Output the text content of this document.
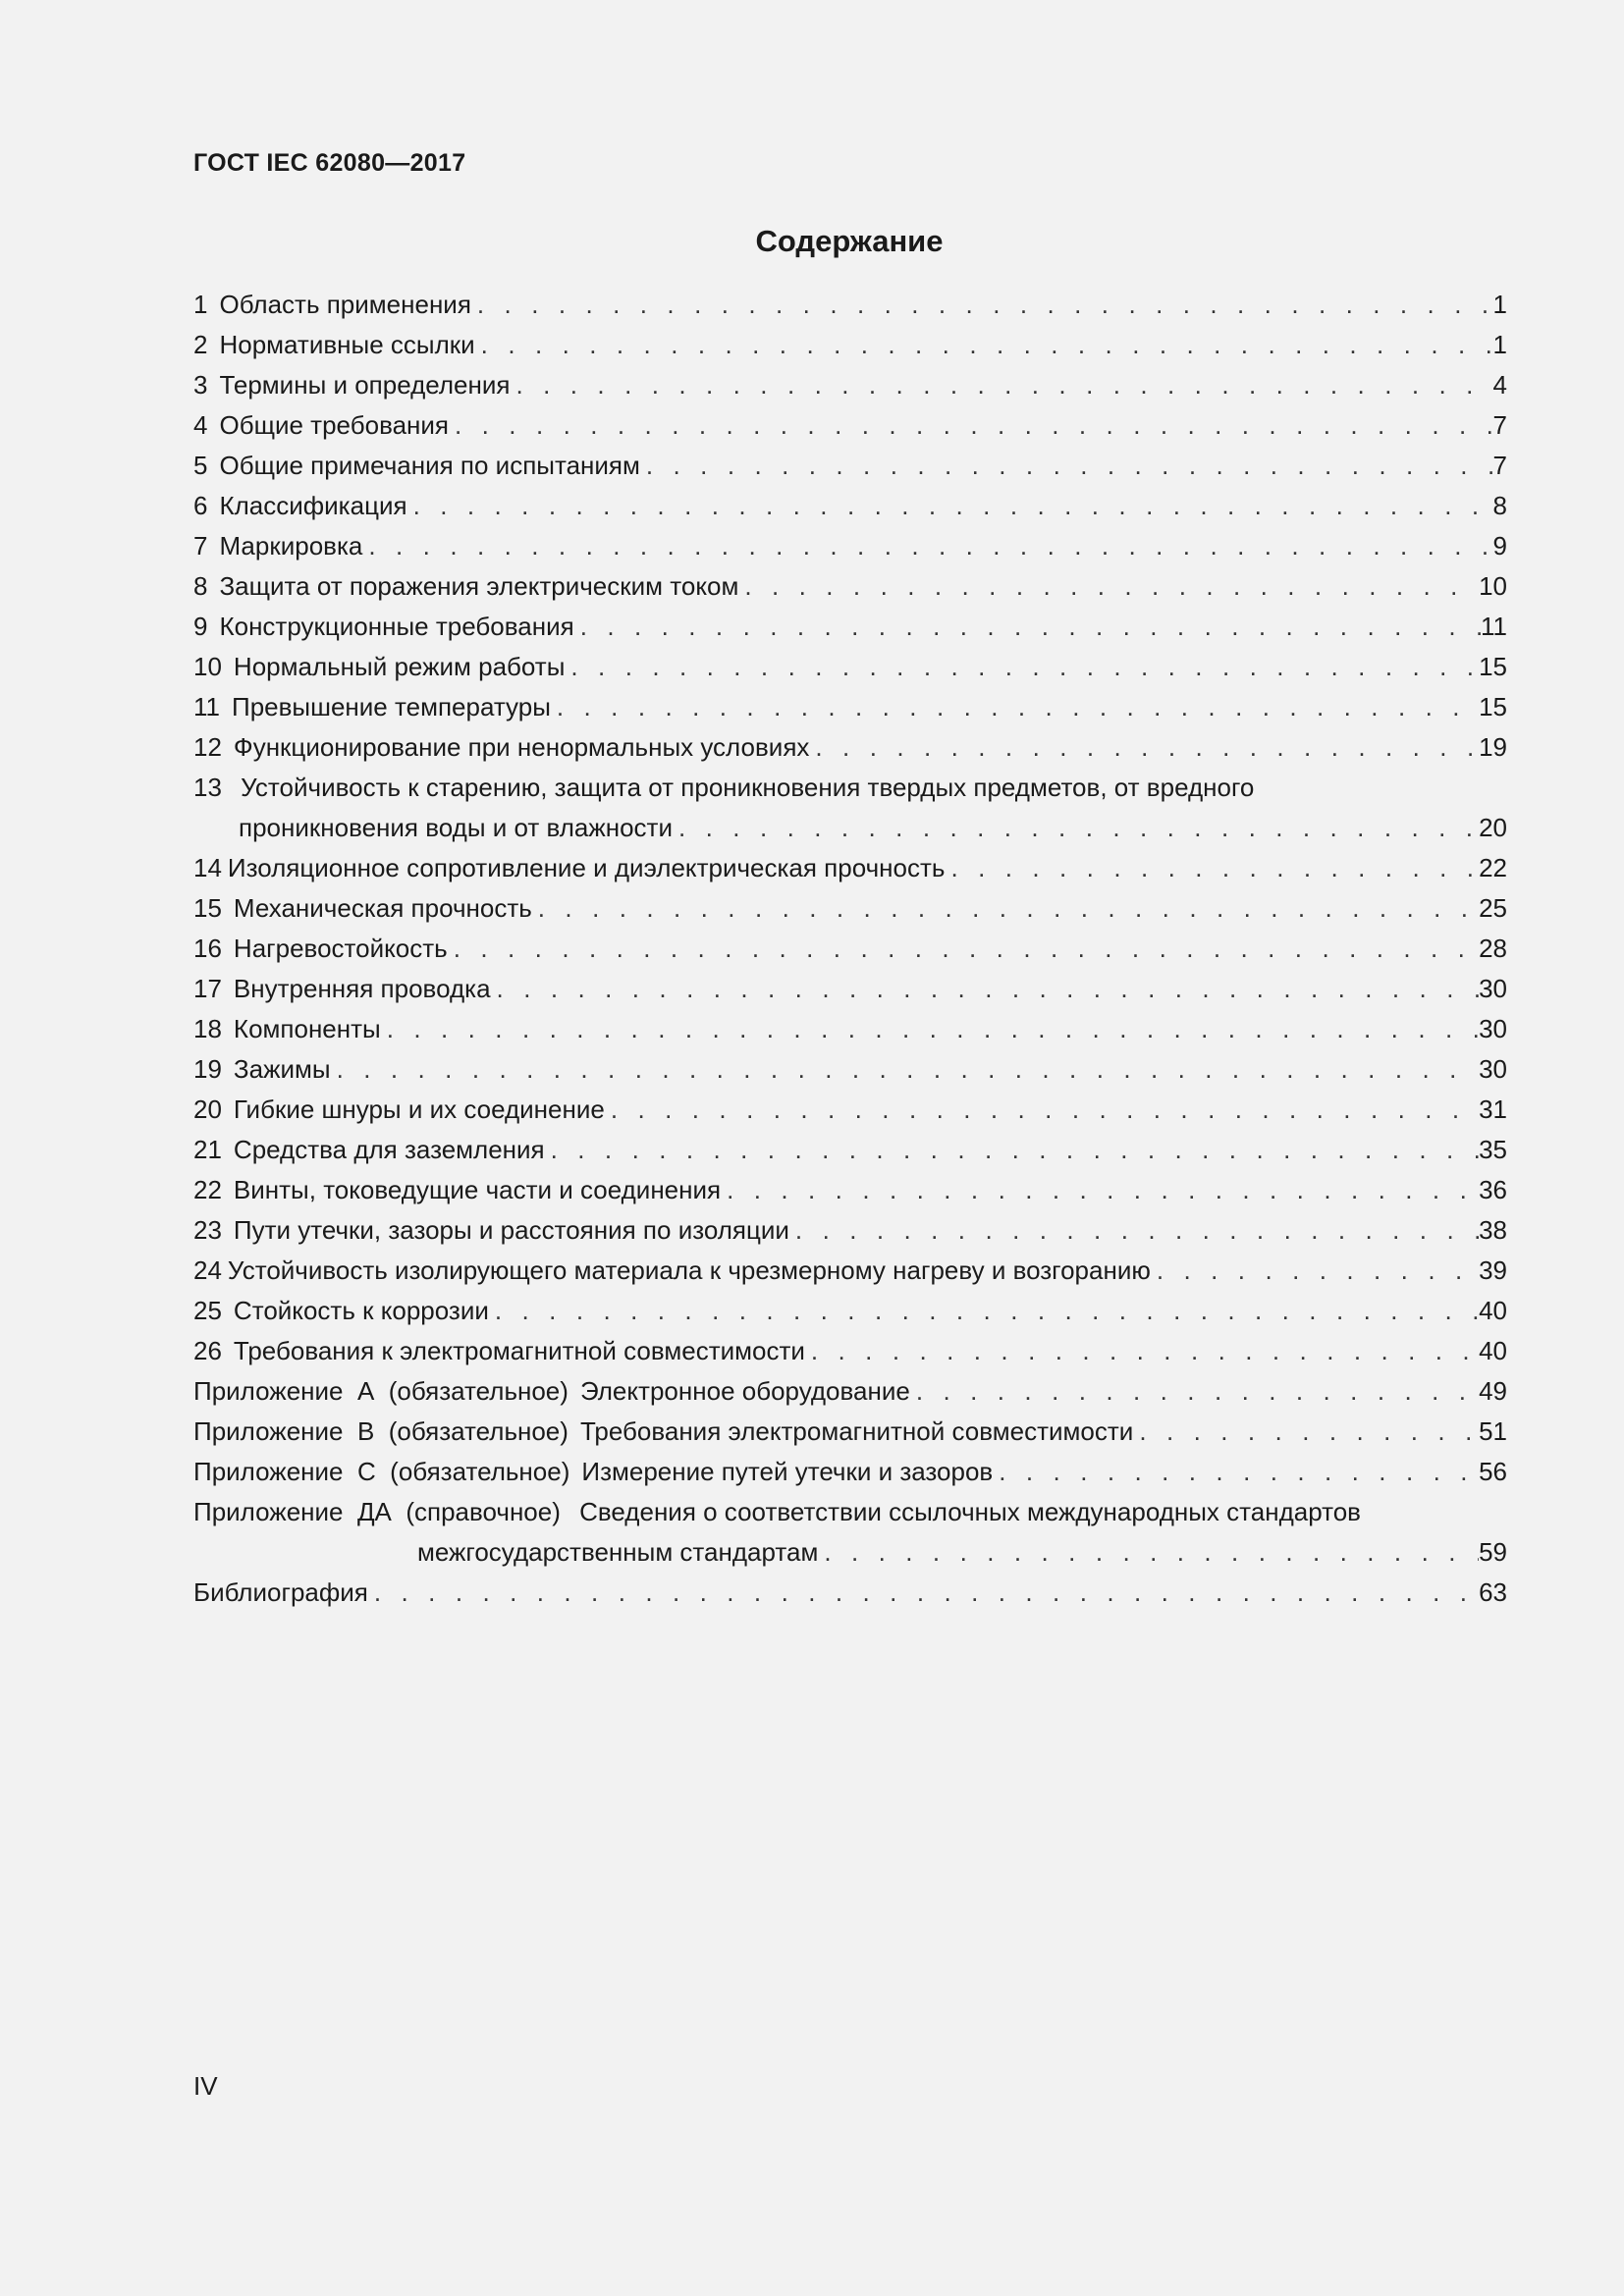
ГОСТ IEC 62080—2017
Содержание
1 Область применения . . .	1
2 Нормативные ссылки . . .	1
3 Термины и определения . . .	4
4 Общие требования . . .	7
5 Общие примечания по испытаниям . . .	7
6 Классификация . . .	8
7 Маркировка . . .	9
8 Защита от поражения электрическим током . . .	10
9 Конструкционные требования . . .	11
10 Нормальный режим работы . . .	15
11 Превышение температуры . . .	15
12 Функционирование при ненормальных условиях . . .	19
13 Устойчивость к старению, защита от проникновения твердых предметов, от вредного
проникновения воды и от влажности . . .	20
14 Изоляционное сопротивление и диэлектрическая прочность . . .	22
15 Механическая прочность . . .	25
16 Нагревостойкость . . .	28
17 Внутренняя проводка . . .	30
18 Компоненты . . .	30
19 Зажимы . . .	30
20 Гибкие шнуры и их соединение . . .	31
21 Средства для заземления . . .	35
22 Винты, токоведущие части и соединения . . .	36
23 Пути утечки, зазоры и расстояния по изоляции . . .	38
24 Устойчивость изолирующего материала к чрезмерному нагреву и возгоранию . . .	39
25 Стойкость к коррозии . . .	40
26 Требования к электромагнитной совместимости . . .	40
Приложение  А  (обязательное) Электронное оборудование . . .	49
Приложение  В  (обязательное) Требования электромагнитной совместимости . . .	51
Приложение  С  (обязательное) Измерение путей утечки и зазоров . . .	56
Приложение  ДА  (справочное) Сведения о соответствии ссылочных международных стандартов
межгосударственным стандартам . . .	59
Библиография . . .	63
IV
